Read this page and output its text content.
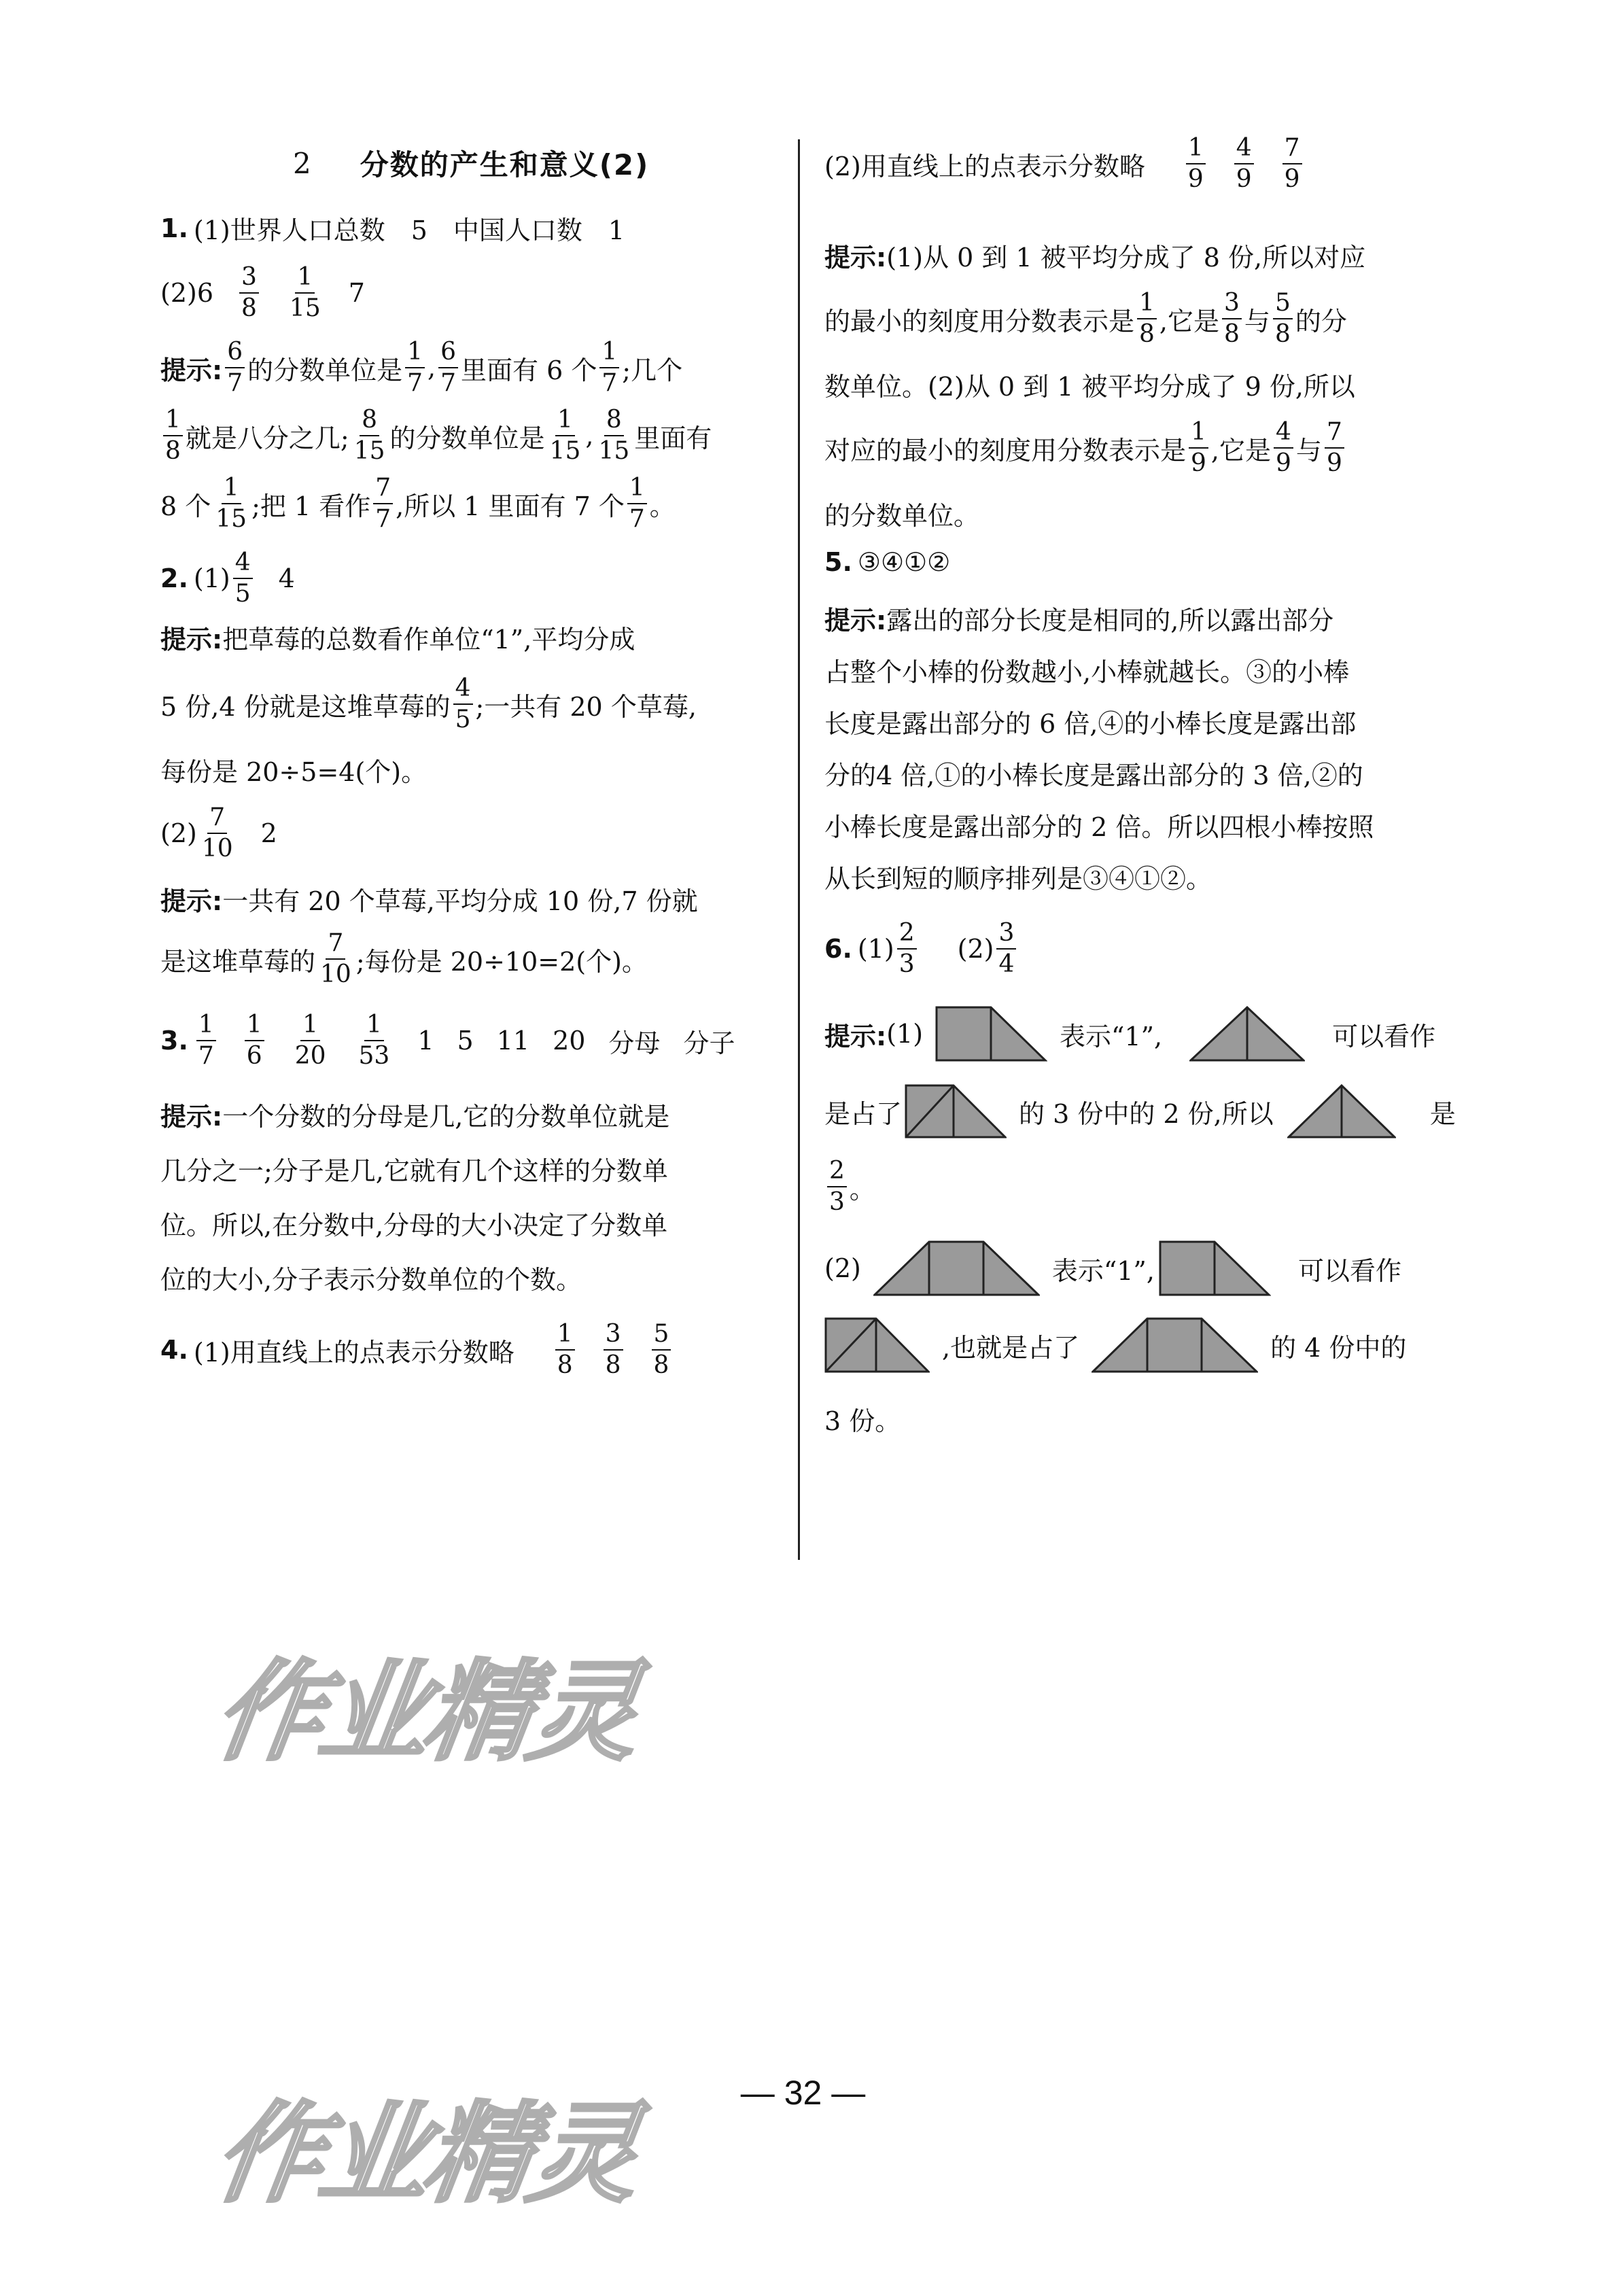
2 分数的产生和意义(2)
1. (1)世界人口总数　5　中国人口数　1
$(2)6 \frac{3}{8} \frac{1}{15} 7$
提示: $\frac{6}{7}$ 的分数单位是 $\frac{1}{7}$ , $\frac{6}{7}$ 里面有 6 个 $\frac{1}{7}$ ;几个
$\frac{1}{8}$ 就是八分之几; $\frac{8}{15}$ 的分数单位是 $\frac{1}{15}$ , $\frac{8}{15}$ 里面有
8 个 $\frac{1}{15}$ ;把 1 看作 $\frac{7}{7}$ ,所以 1 里面有 7 个 $\frac{1}{7}$ 。
2. $(1) \frac{4}{5} 4$
提示: 把草莓的总数看作单位“1”,平均分成
5 份,4 份就是这堆草莓的 $\frac{4}{5}$ ;一共有 20 个草莓,
每份是 20÷5=4(个)。
$(2) \frac{7}{10} 2$
提示: 一共有 20 个草莓,平均分成 10 份,7 份就
是这堆草莓的 $\frac{7}{10}$ ;每份是 20÷10=2(个)。
3. $\frac{1}{7} \frac{1}{6} \frac{1}{20} \frac{1}{53} 1$ 5 11 20 分母 分子
提示: 一个分数的分母是几,它的分数单位就是
几分之一;分子是几,它就有几个这样的分数单
位。所以,在分数中,分母的大小决定了分数单
位的大小,分子表示分数单位的个数。
4. (1)用直线上的点表示分数略 $\frac{1}{8} \frac{3}{8} \frac{5}{8}$
(2)用直线上的点表示分数略 $\frac{1}{9} \frac{4}{9} \frac{7}{9}$
提示: (1)从 0 到 1 被平均分成了 8 份,所以对应
的最小的刻度用分数表示是 $\frac{1}{8}$ ,它是 $\frac{3}{8}$ 与 $\frac{5}{8}$ 的分
数单位。(2)从 0 到 1 被平均分成了 9 份,所以
对应的最小的刻度用分数表示是 $\frac{1}{9}$ ,它是 $\frac{4}{9}$ 与 $\frac{7}{9}$
的分数单位。
5. ③④①②
提示: 露出的部分长度是相同的,所以露出部分
占整个小棒的份数越小,小棒就越长。③的小棒
长度是露出部分的 6 倍,④的小棒长度是露出部
分的4 倍,①的小棒长度是露出部分的 3 倍,②的
小棒长度是露出部分的 2 倍。所以四根小棒按照
从长到短的顺序排列是③④①②。
6. $(1) \frac{2}{3} (2) \frac{3}{4}$
提示: (1)	表示“1”,	可以看作
是占了	的 3 份中的 2 份,所以	是
$\frac{2}{3}$ 。
(2)	表示“1”,	可以看作
,也就是占了	的 4 份中的
3 份。
作业精灵
作业精灵	— 32 —
